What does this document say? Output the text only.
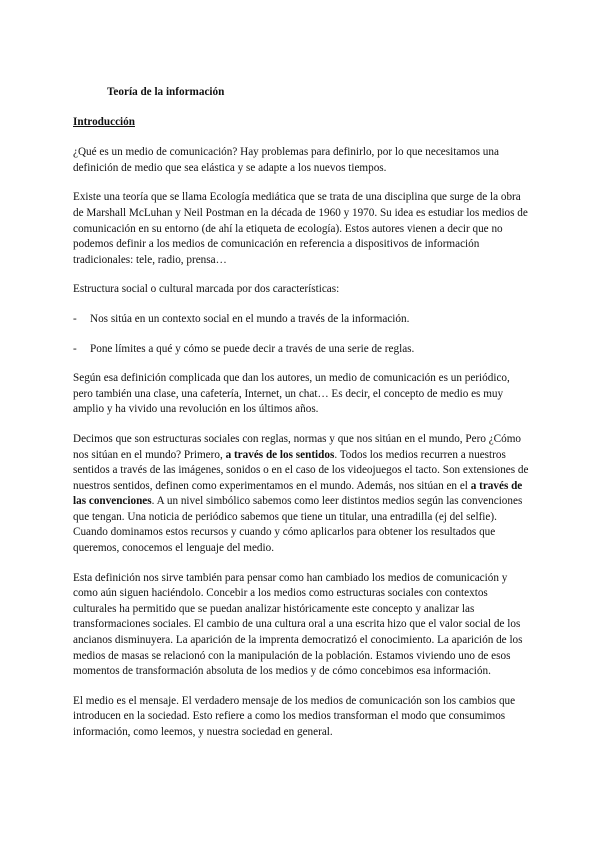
Teoría de la información
Introducción

¿Qué es un medio de comunicación? Hay problemas para definirlo, por lo que necesitamos una definición de medio que sea elástica y se adapte a los nuevos tiempos.

Existe una teoría que se llama Ecología mediática que se trata de una disciplina que surge de la obra de Marshall McLuhan y Neil Postman en la década de 1960 y 1970. Su idea es estudiar los medios de comunicación en su entorno (de ahí la etiqueta de ecología). Estos autores vienen a decir que no podemos definir a los medios de comunicación en referencia a dispositivos de información tradicionales: tele, radio, prensa…

Estructura social o cultural marcada por dos características:

-	Nos sitúa en un contexto social en el mundo a través de la información.
-	Pone límites a qué y cómo se puede decir a través de una serie de reglas.

Según esa definición complicada que dan los autores, un medio de comunicación es un periódico, pero también una clase, una cafetería, Internet, un chat… Es decir, el concepto de medio es muy amplio y ha vivido una revolución en los últimos años.

Decimos que son estructuras sociales con reglas, normas y que nos sitúan en el mundo, Pero ¿Cómo nos sitúan en el mundo? Primero, a través de los sentidos. Todos los medios recurren a nuestros sentidos a través de las imágenes, sonidos o en el caso de los videojuegos el tacto. Son extensiones de nuestros sentidos, definen como experimentamos en el mundo. Además, nos sitúan en el a través de las convenciones. A un nivel simbólico sabemos como leer distintos medios según las convenciones que tengan. Una noticia de periódico sabemos que tiene un titular, una entradilla (ej del selfie). Cuando dominamos estos recursos y cuando y cómo aplicarlos para obtener los resultados que queremos, conocemos el lenguaje del medio.

Esta definición nos sirve también para pensar como han cambiado los medios de comunicación y como aún siguen haciéndolo. Concebir a los medios como estructuras sociales con contextos culturales ha permitido que se puedan analizar históricamente este concepto y analizar las transformaciones sociales. El cambio de una cultura oral a una escrita hizo que el valor social de los ancianos disminuyera. La aparición de la imprenta democratizó el conocimiento. La aparición de los medios de masas se relacionó con la manipulación de la población. Estamos viviendo uno de esos momentos de transformación absoluta de los medios y de cómo concebimos esa información.

El medio es el mensaje. El verdadero mensaje de los medios de comunicación son los cambios que introducen en la sociedad. Esto refiere a como los medios transforman el modo que consumimos información, como leemos, y nuestra sociedad en general.
